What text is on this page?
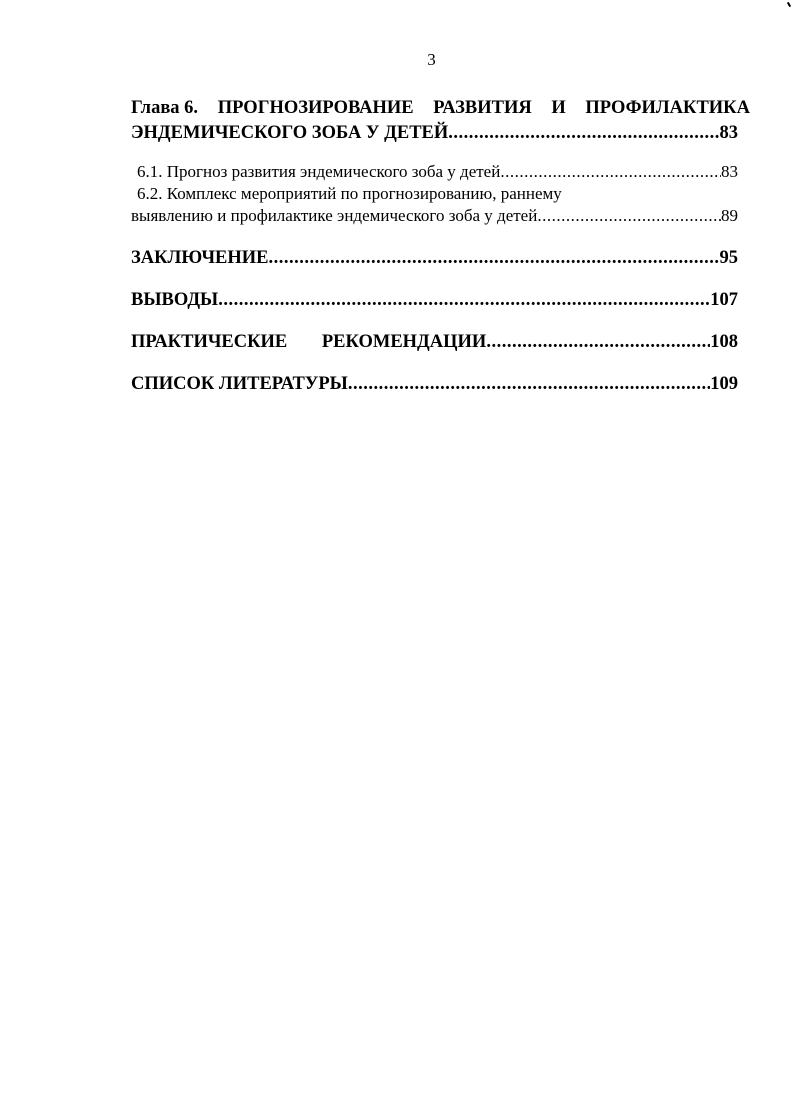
3
Глава 6. ПРОГНОЗИРОВАНИЕ РАЗВИТИЯ И ПРОФИЛАКТИКА
ЭНДЕМИЧЕСКОГО ЗОБА У ДЕТЕЙ .....	83
6.1. Прогноз развития эндемического зоба у детей .....	83
6.2. Комплекс мероприятий по прогнозированию, раннему
выявлению и профилактике эндемического зоба у детей .....	89
ЗАКЛЮЧЕНИЕ .....	95
ВЫВОДЫ .....	107
ПРАКТИЧЕСКИЕ РЕКОМЕНДАЦИИ .....	108
СПИСОК ЛИТЕРАТУРЫ .....	109
